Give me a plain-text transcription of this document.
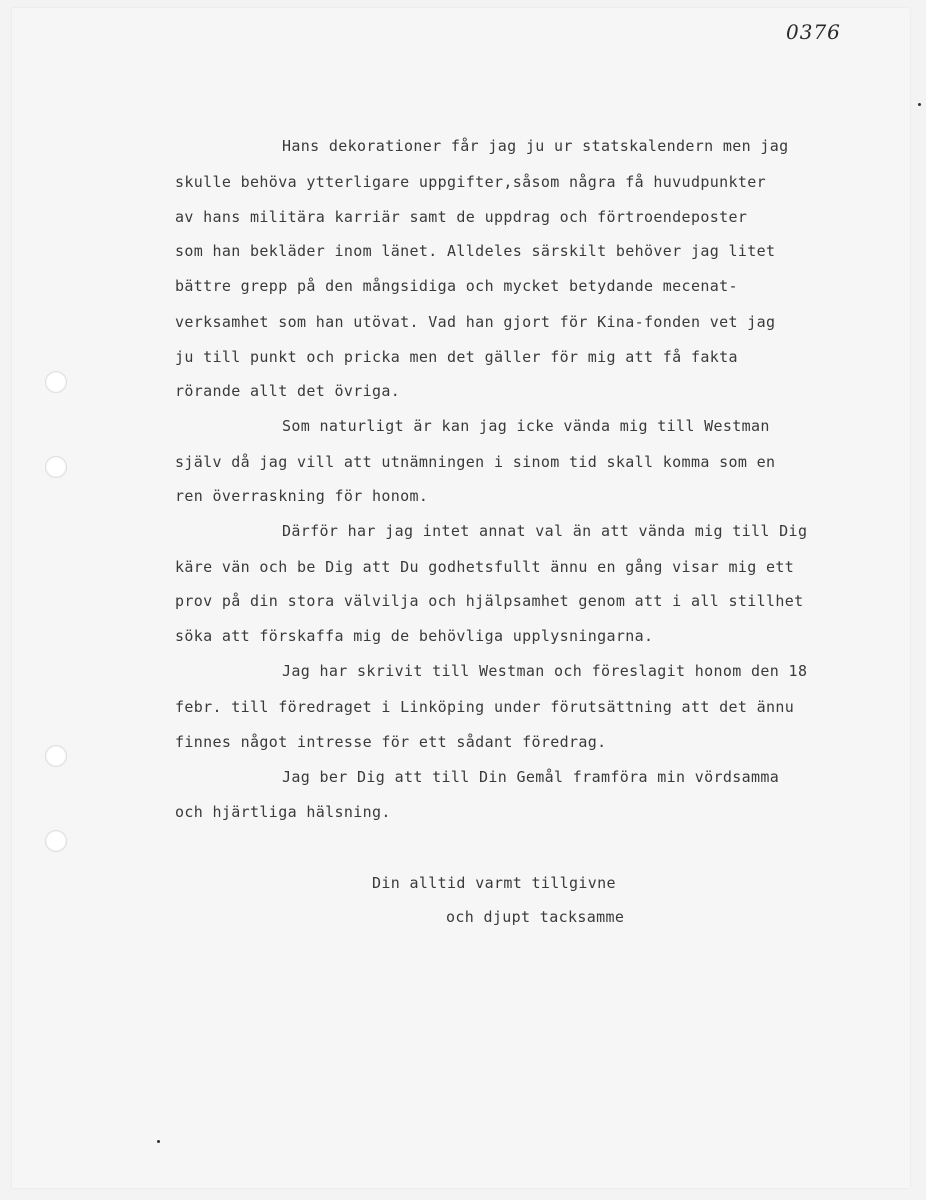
0376
Hans dekorationer får jag ju ur statskalendern men jag
skulle behöva ytterligare uppgifter,såsom några få huvudpunkter
av hans militära karriär samt de uppdrag och förtroendeposter
som han bekläder inom länet. Alldeles särskilt behöver jag litet
bättre grepp på den mångsidiga och mycket betydande mecenat-
verksamhet som han utövat. Vad han gjort för Kina-fonden vet jag
ju till punkt och pricka men det gäller för mig att få fakta
rörande allt det övriga.
Som naturligt är kan jag icke vända mig till Westman
själv då jag vill att utnämningen i sinom tid skall komma som en
ren överraskning för honom.
Därför har jag intet annat val än att vända mig till Dig
käre vän och be Dig att Du godhetsfullt ännu en gång visar mig ett
prov på din stora välvilja och hjälpsamhet genom att i all stillhet
söka att förskaffa mig de behövliga upplysningarna.
Jag har skrivit till Westman och föreslagit honom den 18
febr. till föredraget i Linköping under förutsättning att det ännu
finnes något intresse för ett sådant föredrag.
Jag ber Dig att till Din Gemål framföra min vördsamma
och hjärtliga hälsning.
Din alltid varmt tillgivne
och djupt tacksamme
